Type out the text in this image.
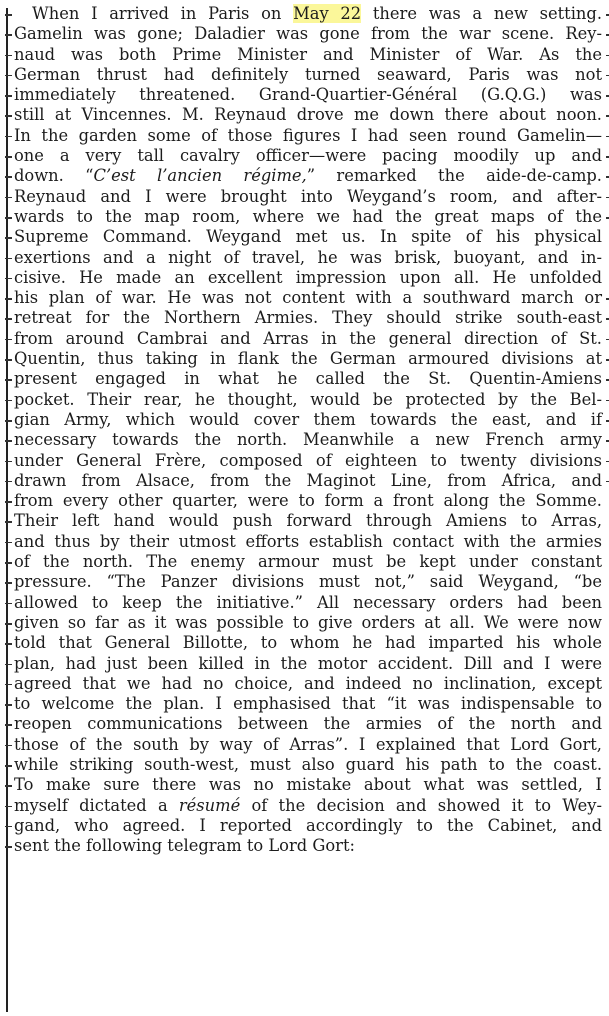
When I arrived in Paris on May 22 there was a new setting.
Gamelin was gone; Daladier was gone from the war scene. Rey-
naud was both Prime Minister and Minister of War. As the
German thrust had definitely turned seaward, Paris was not
immediately threatened. Grand-Quartier-Général (G.Q.G.) was
still at Vincennes. M. Reynaud drove me down there about noon.
In the garden some of those figures I had seen round Gamelin—
one a very tall cavalry officer—were pacing moodily up and
down. “C’est l’ancien régime,” remarked the aide-de-camp.
Reynaud and I were brought into Weygand’s room, and after-
wards to the map room, where we had the great maps of the
Supreme Command. Weygand met us. In spite of his physical
exertions and a night of travel, he was brisk, buoyant, and in-
cisive. He made an excellent impression upon all. He unfolded
his plan of war. He was not content with a southward march or
retreat for the Northern Armies. They should strike south-east
from around Cambrai and Arras in the general direction of St.
Quentin, thus taking in flank the German armoured divisions at
present engaged in what he called the St. Quentin-Amiens
pocket. Their rear, he thought, would be protected by the Bel-
gian Army, which would cover them towards the east, and if
necessary towards the north. Meanwhile a new French army
under General Frère, composed of eighteen to twenty divisions
drawn from Alsace, from the Maginot Line, from Africa, and
from every other quarter, were to form a front along the Somme.
Their left hand would push forward through Amiens to Arras,
and thus by their utmost efforts establish contact with the armies
of the north. The enemy armour must be kept under constant
pressure. “The Panzer divisions must not,” said Weygand, “be
allowed to keep the initiative.” All necessary orders had been
given so far as it was possible to give orders at all. We were now
told that General Billotte, to whom he had imparted his whole
plan, had just been killed in the motor accident. Dill and I were
agreed that we had no choice, and indeed no inclination, except
to welcome the plan. I emphasised that “it was indispensable to
reopen communications between the armies of the north and
those of the south by way of Arras”. I explained that Lord Gort,
while striking south-west, must also guard his path to the coast.
To make sure there was no mistake about what was settled, I
myself dictated a résumé of the decision and showed it to Wey-
gand, who agreed. I reported accordingly to the Cabinet, and
sent the following telegram to Lord Gort:
